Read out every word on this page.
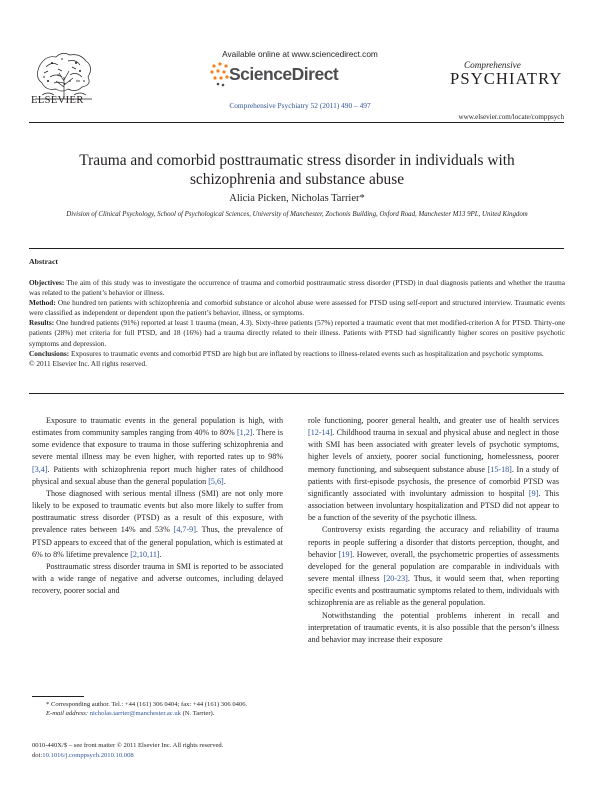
ELSEVIER
Available online at www.sciencedirect.com
ScienceDirect
Comprehensive Psychiatry 52 (2011) 490 – 497
Comprehensive
PSYCHIATRY
www.elsevier.com/locate/comppsych
Trauma and comorbid posttraumatic stress disorder in individuals with schizophrenia and substance abuse
Alicia Picken, Nicholas Tarrier*
Division of Clinical Psychology, School of Psychological Sciences, University of Manchester, Zochonis Building, Oxford Road, Manchester M13 9PL, United Kingdom
Abstract

Objectives: The aim of this study was to investigate the occurrence of trauma and comorbid posttraumatic stress disorder (PTSD) in dual diagnosis patients and whether the trauma was related to the patient’s behavior or illness.

Method: One hundred ten patients with schizophrenia and comorbid substance or alcohol abuse were assessed for PTSD using self-report and structured interview. Traumatic events were classified as independent or dependent upon the patient’s behavior, illness, or symptoms.

Results: One hundred patients (91%) reported at least 1 trauma (mean, 4.3). Sixty-three patients (57%) reported a traumatic event that met modified-criterion A for PTSD. Thirty-one patients (28%) met criteria for full PTSD, and 18 (16%) had a trauma directly related to their illness. Patients with PTSD had significantly higher scores on positive psychotic symptoms and depression.

Conclusions: Exposures to traumatic events and comorbid PTSD are high but are inflated by reactions to illness-related events such as hospitalization and psychotic symptoms.

© 2011 Elsevier Inc. All rights reserved.

Exposure to traumatic events in the general population is high, with estimates from community samples ranging from 40% to 80% [1,2]. There is some evidence that exposure to trauma in those suffering schizophrenia and severe mental illness may be even higher, with reported rates up to 98% [3,4]. Patients with schizophrenia report much higher rates of childhood physical and sexual abuse than the general population [5,6].

Those diagnosed with serious mental illness (SMI) are not only more likely to be exposed to traumatic events but also more likely to suffer from posttraumatic stress disorder (PTSD) as a result of this exposure, with prevalence rates between 14% and 53% [4,7-9]. Thus, the prevalence of PTSD appears to exceed that of the general population, which is estimated at 6% to 8% lifetime prevalence [2,10,11].

Posttraumatic stress disorder trauma in SMI is reported to be associated with a wide range of negative and adverse outcomes, including delayed recovery, poorer social and

role functioning, poorer general health, and greater use of health services [12-14]. Childhood trauma in sexual and physical abuse and neglect in those with SMI has been associated with greater levels of psychotic symptoms, higher levels of anxiety, poorer social functioning, homelessness, poorer memory functioning, and subsequent substance abuse [15-18]. In a study of patients with first-episode psychosis, the presence of comorbid PTSD was significantly associated with involuntary admission to hospital [9]. This association between involuntary hospitalization and PTSD did not appear to be a function of the severity of the psychotic illness.

Controversy exists regarding the accuracy and reliability of trauma reports in people suffering a disorder that distorts perception, thought, and behavior [19]. However, overall, the psychometric properties of assessments developed for the general population are comparable in individuals with severe mental illness [20-23]. Thus, it would seem that, when reporting specific events and posttraumatic symptoms related to them, individuals with schizophrenia are as reliable as the general population.

Notwithstanding the potential problems inherent in recall and interpretation of traumatic events, it is also possible that the person’s illness and behavior may increase their exposure

* Corresponding author. Tel.: +44 (161) 306 0404; fax: +44 (161) 306 0406.

E-mail address: nicholas.tarrier@manchester.ac.uk (N. Tarrier).

0010-440X/$ – see front matter © 2011 Elsevier Inc. All rights reserved.
doi:10.1016/j.comppsych.2010.10.008
